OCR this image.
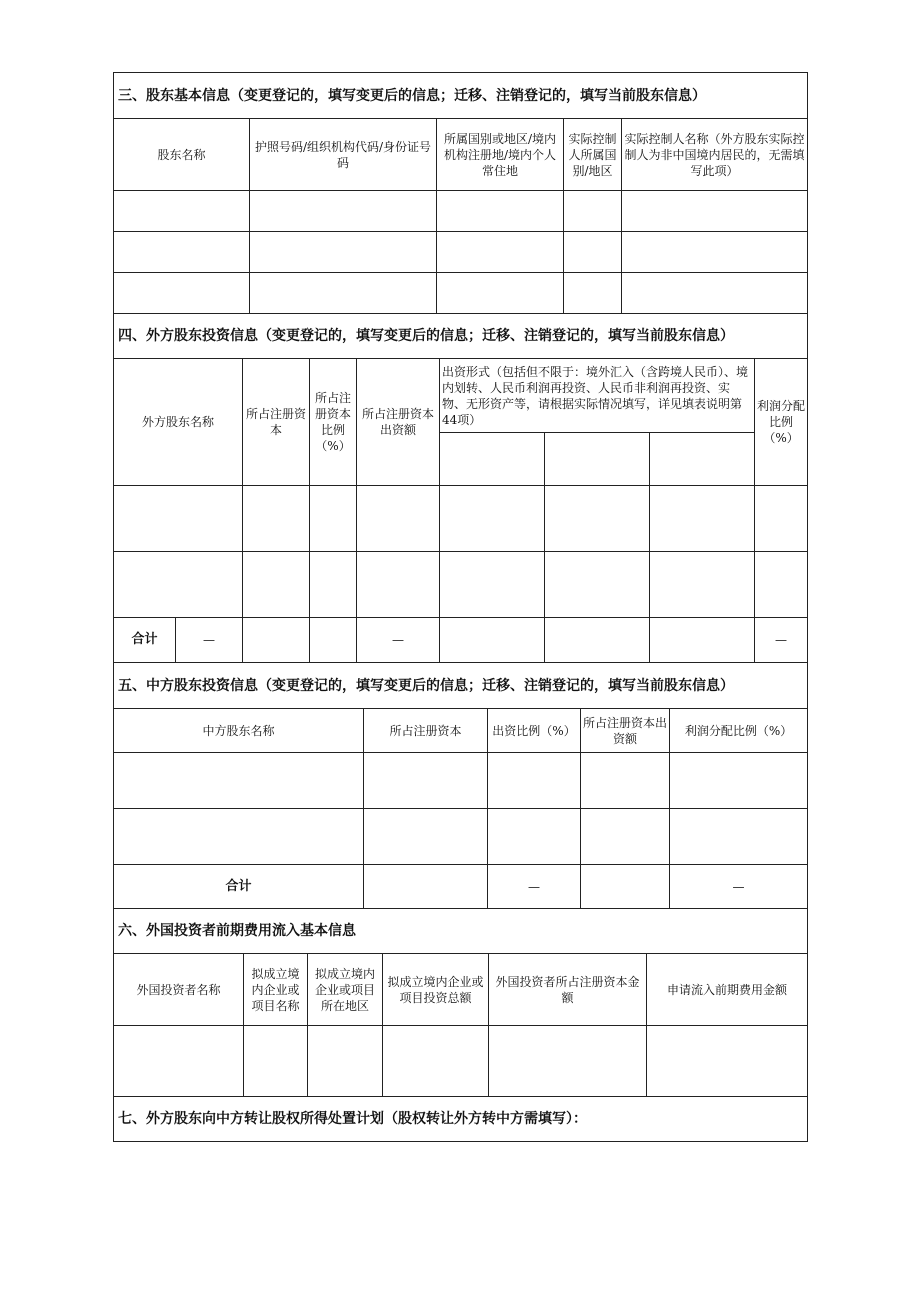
三、股东基本信息（变更登记的，填写变更后的信息；迁移、注销登记的，填写当前股东信息）				
股东名称	护照号码/组织机构代码/身份证号码	所属国别或地区/境内机构注册地/境内个人常住地	实际控制人所属国别/地区	实际控制人名称（外方股东实际控制人为非中国境内居民的，无需填写此项）

四、外方股东投资信息（变更登记的，填写变更后的信息；迁移、注销登记的，填写当前股东信息）								
外方股东名称		所占注册资本	所占注册资本比例（%）	所占注册资本出资额	出资形式（包括但不限于：境外汇入（含跨境人民币）、境内划转、人民币利润再投资、人民币非利润再投资、实物、无形资产等，请根据实际情况填写，详见填表说明第44项）			利润分配比例（%）

合计	—			—				—
五、中方股东投资信息（变更登记的，填写变更后的信息；迁移、注销登记的，填写当前股东信息）				
中方股东名称	所占注册资本	出资比例（%）	所占注册资本出资额	利润分配比例（%）

合计		—		—
六、外国投资者前期费用流入基本信息					
外国投资者名称	拟成立境内企业或项目名称	拟成立境内企业或项目所在地区	拟成立境内企业或项目投资总额	外国投资者所占注册资本金额	申请流入前期费用金额

七、外方股东向中方转让股权所得处置计划（股权转让外方转中方需填写）：
